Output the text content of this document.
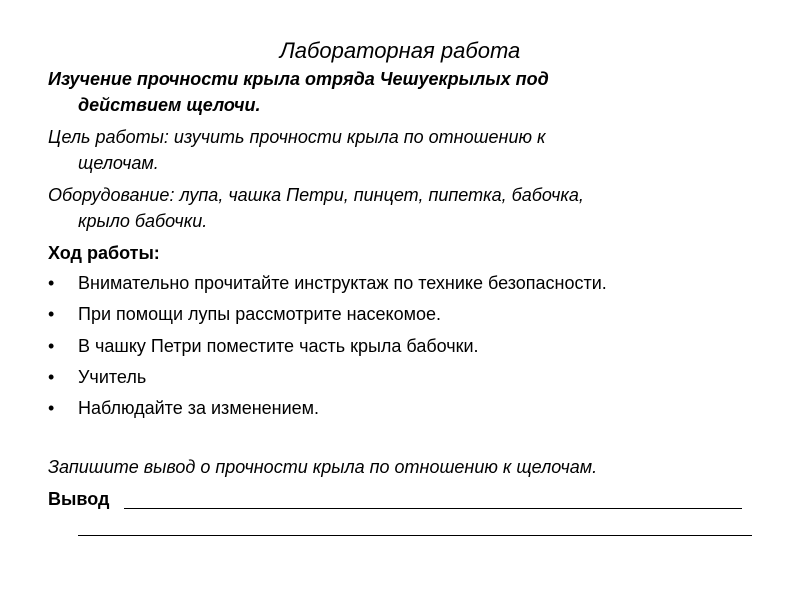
Лабораторная работа
Изучение прочности крыла отряда Чешуекрылых под
действием щелочи.
Цель работы: изучить прочности крыла по отношению к
щелочам.
Оборудование: лупа, чашка Петри, пинцет, пипетка, бабочка,
крыло бабочки.
Ход работы:
• Внимательно прочитайте инструктаж по технике безопасности.
• При помощи лупы рассмотрите насекомое.
• В чашку Петри поместите часть крыла бабочки.
• Учитель
• Наблюдайте за изменением.
Запишите вывод о прочности крыла по отношению к щелочам.
Вывод
